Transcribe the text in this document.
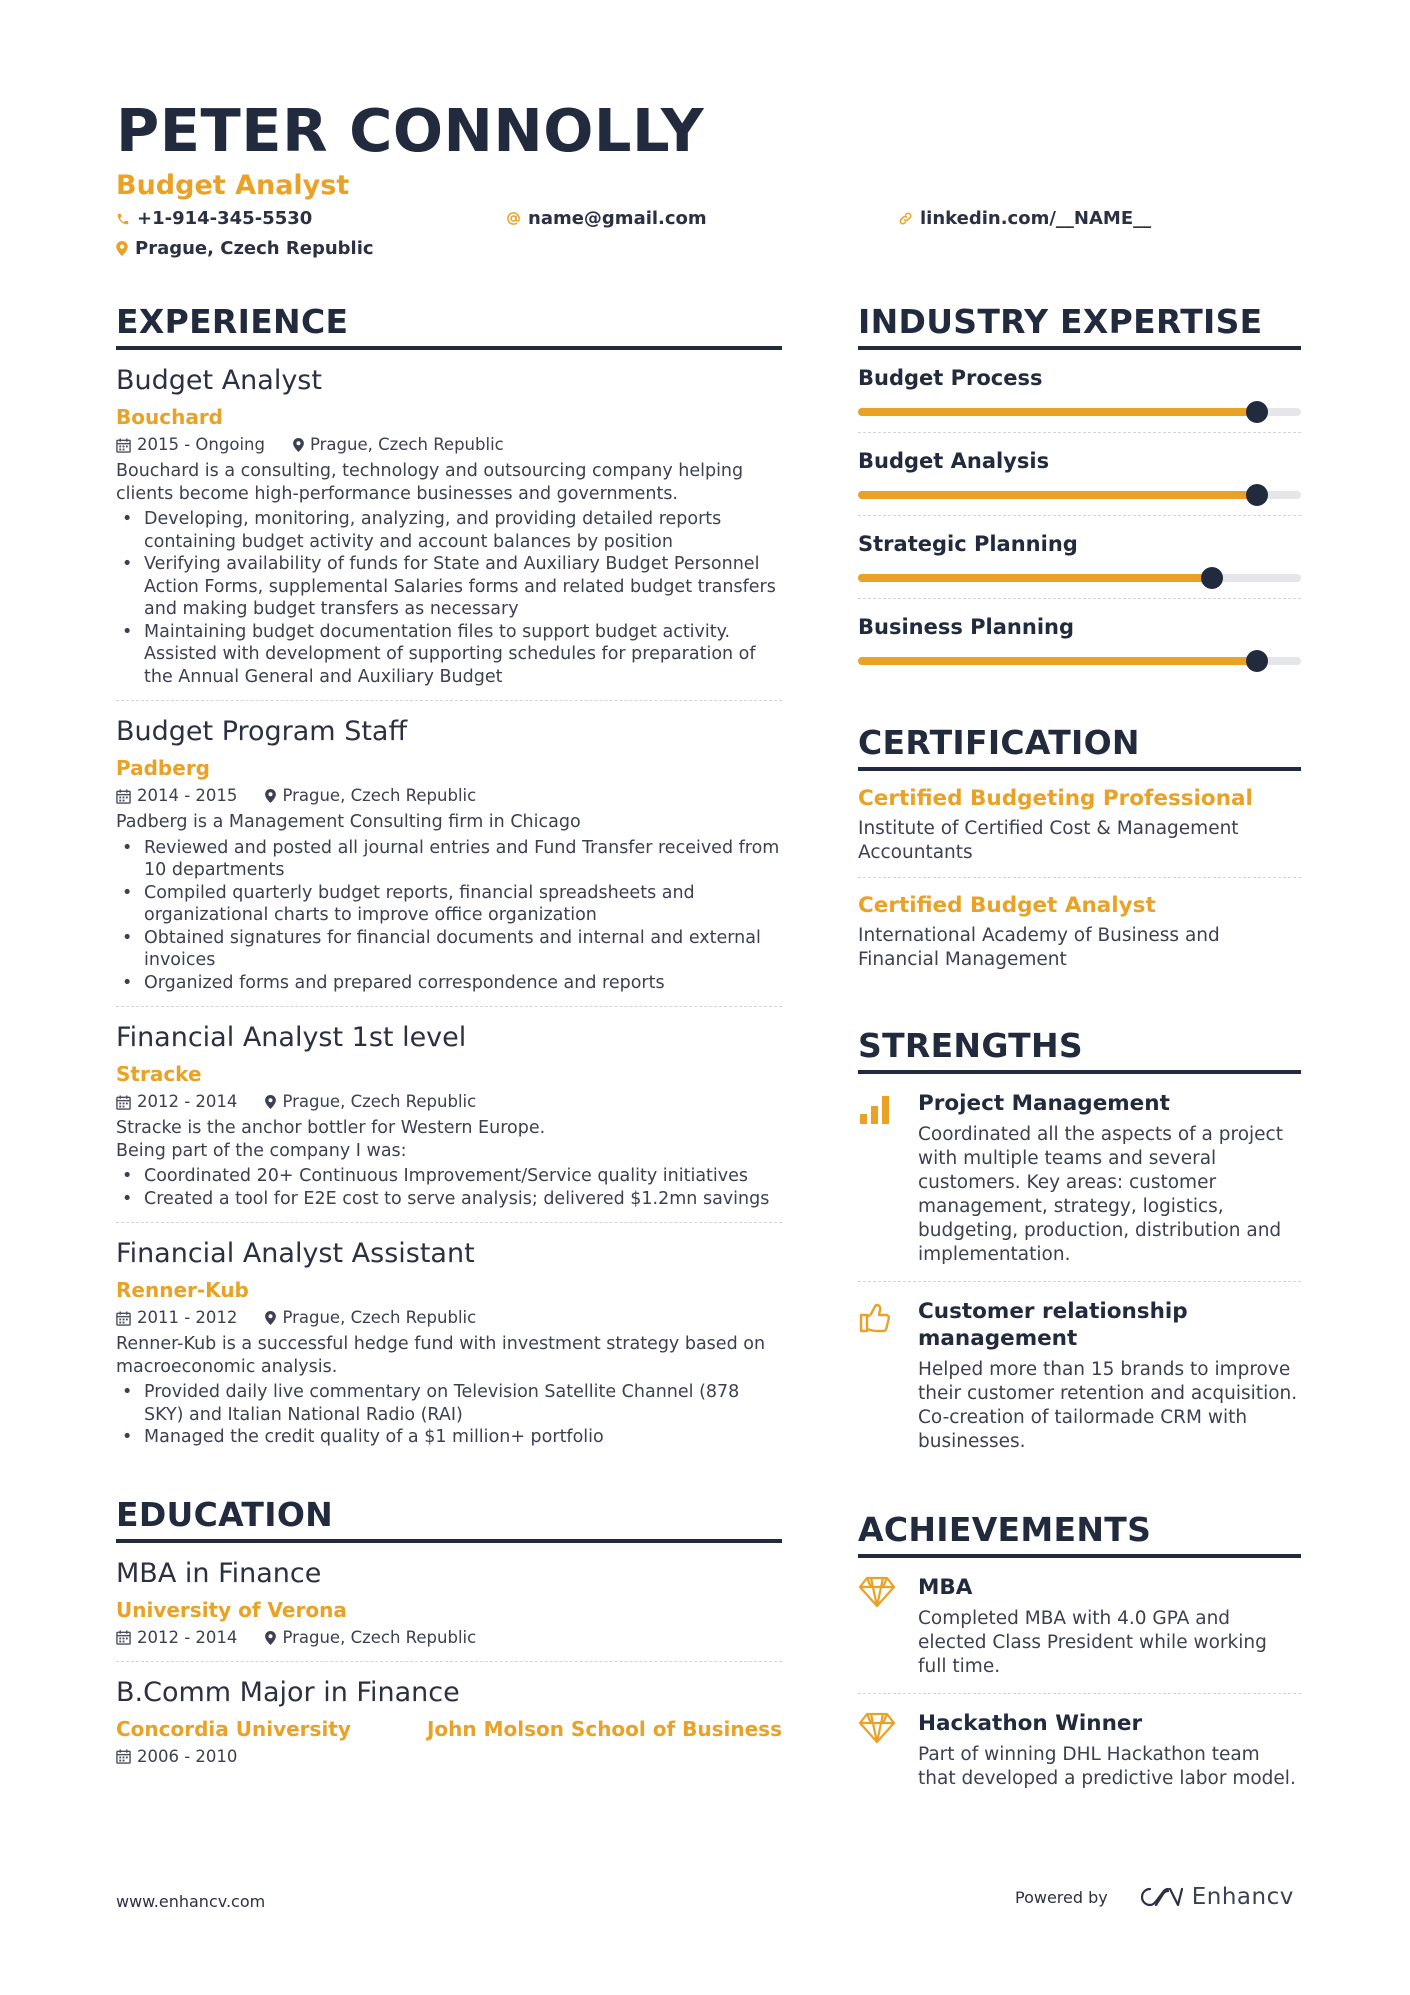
PETER CONNOLLY
Budget Analyst
+1-914-345-5530	name@gmail.com	linkedin.com/__NAME__
Prague, Czech Republic
EXPERIENCE
Budget Analyst
Bouchard
2015 - Ongoing	Prague, Czech Republic
Bouchard is a consulting, technology and outsourcing company helping clients become high-performance businesses and governments.
• Developing, monitoring, analyzing, and providing detailed reports containing budget activity and account balances by position
• Verifying availability of funds for State and Auxiliary Budget Personnel Action Forms, supplemental Salaries forms and related budget transfers and making budget transfers as necessary
• Maintaining budget documentation files to support budget activity. Assisted with development of supporting schedules for preparation of the Annual General and Auxiliary Budget
Budget Program Staff
Padberg
2014 - 2015	Prague, Czech Republic
Padberg is a Management Consulting firm in Chicago
• Reviewed and posted all journal entries and Fund Transfer received from 10 departments
• Compiled quarterly budget reports, financial spreadsheets and organizational charts to improve office organization
• Obtained signatures for financial documents and internal and external invoices
• Organized forms and prepared correspondence and reports
Financial Analyst 1st level
Stracke
2012 - 2014	Prague, Czech Republic
Stracke is the anchor bottler for Western Europe.
Being part of the company I was:
• Coordinated 20+ Continuous Improvement/Service quality initiatives
• Created a tool for E2E cost to serve analysis; delivered $1.2mn savings
Financial Analyst Assistant
Renner-Kub
2011 - 2012	Prague, Czech Republic
Renner-Kub is a successful hedge fund with investment strategy based on macroeconomic analysis.
• Provided daily live commentary on Television Satellite Channel (878 SKY) and Italian National Radio (RAI)
• Managed the credit quality of a $1 million+ portfolio
EDUCATION
MBA in Finance
University of Verona
2012 - 2014	Prague, Czech Republic
B.Comm Major in Finance
Concordia University	John Molson School of Business
2006 - 2010
INDUSTRY EXPERTISE
Budget Process
Budget Analysis
Strategic Planning
Business Planning
CERTIFICATION
Certified Budgeting Professional
Institute of Certified Cost & Management Accountants
Certified Budget Analyst
International Academy of Business and Financial Management
STRENGTHS
Project Management
Coordinated all the aspects of a project with multiple teams and several customers. Key areas: customer management, strategy, logistics, budgeting, production, distribution and implementation.
Customer relationship management
Helped more than 15 brands to improve their customer retention and acquisition. Co-creation of tailormade CRM with businesses.
ACHIEVEMENTS
MBA
Completed MBA with 4.0 GPA and elected Class President while working full time.
Hackathon Winner
Part of winning DHL Hackathon team that developed a predictive labor model.
www.enhancv.com	Powered by	Enhancv
